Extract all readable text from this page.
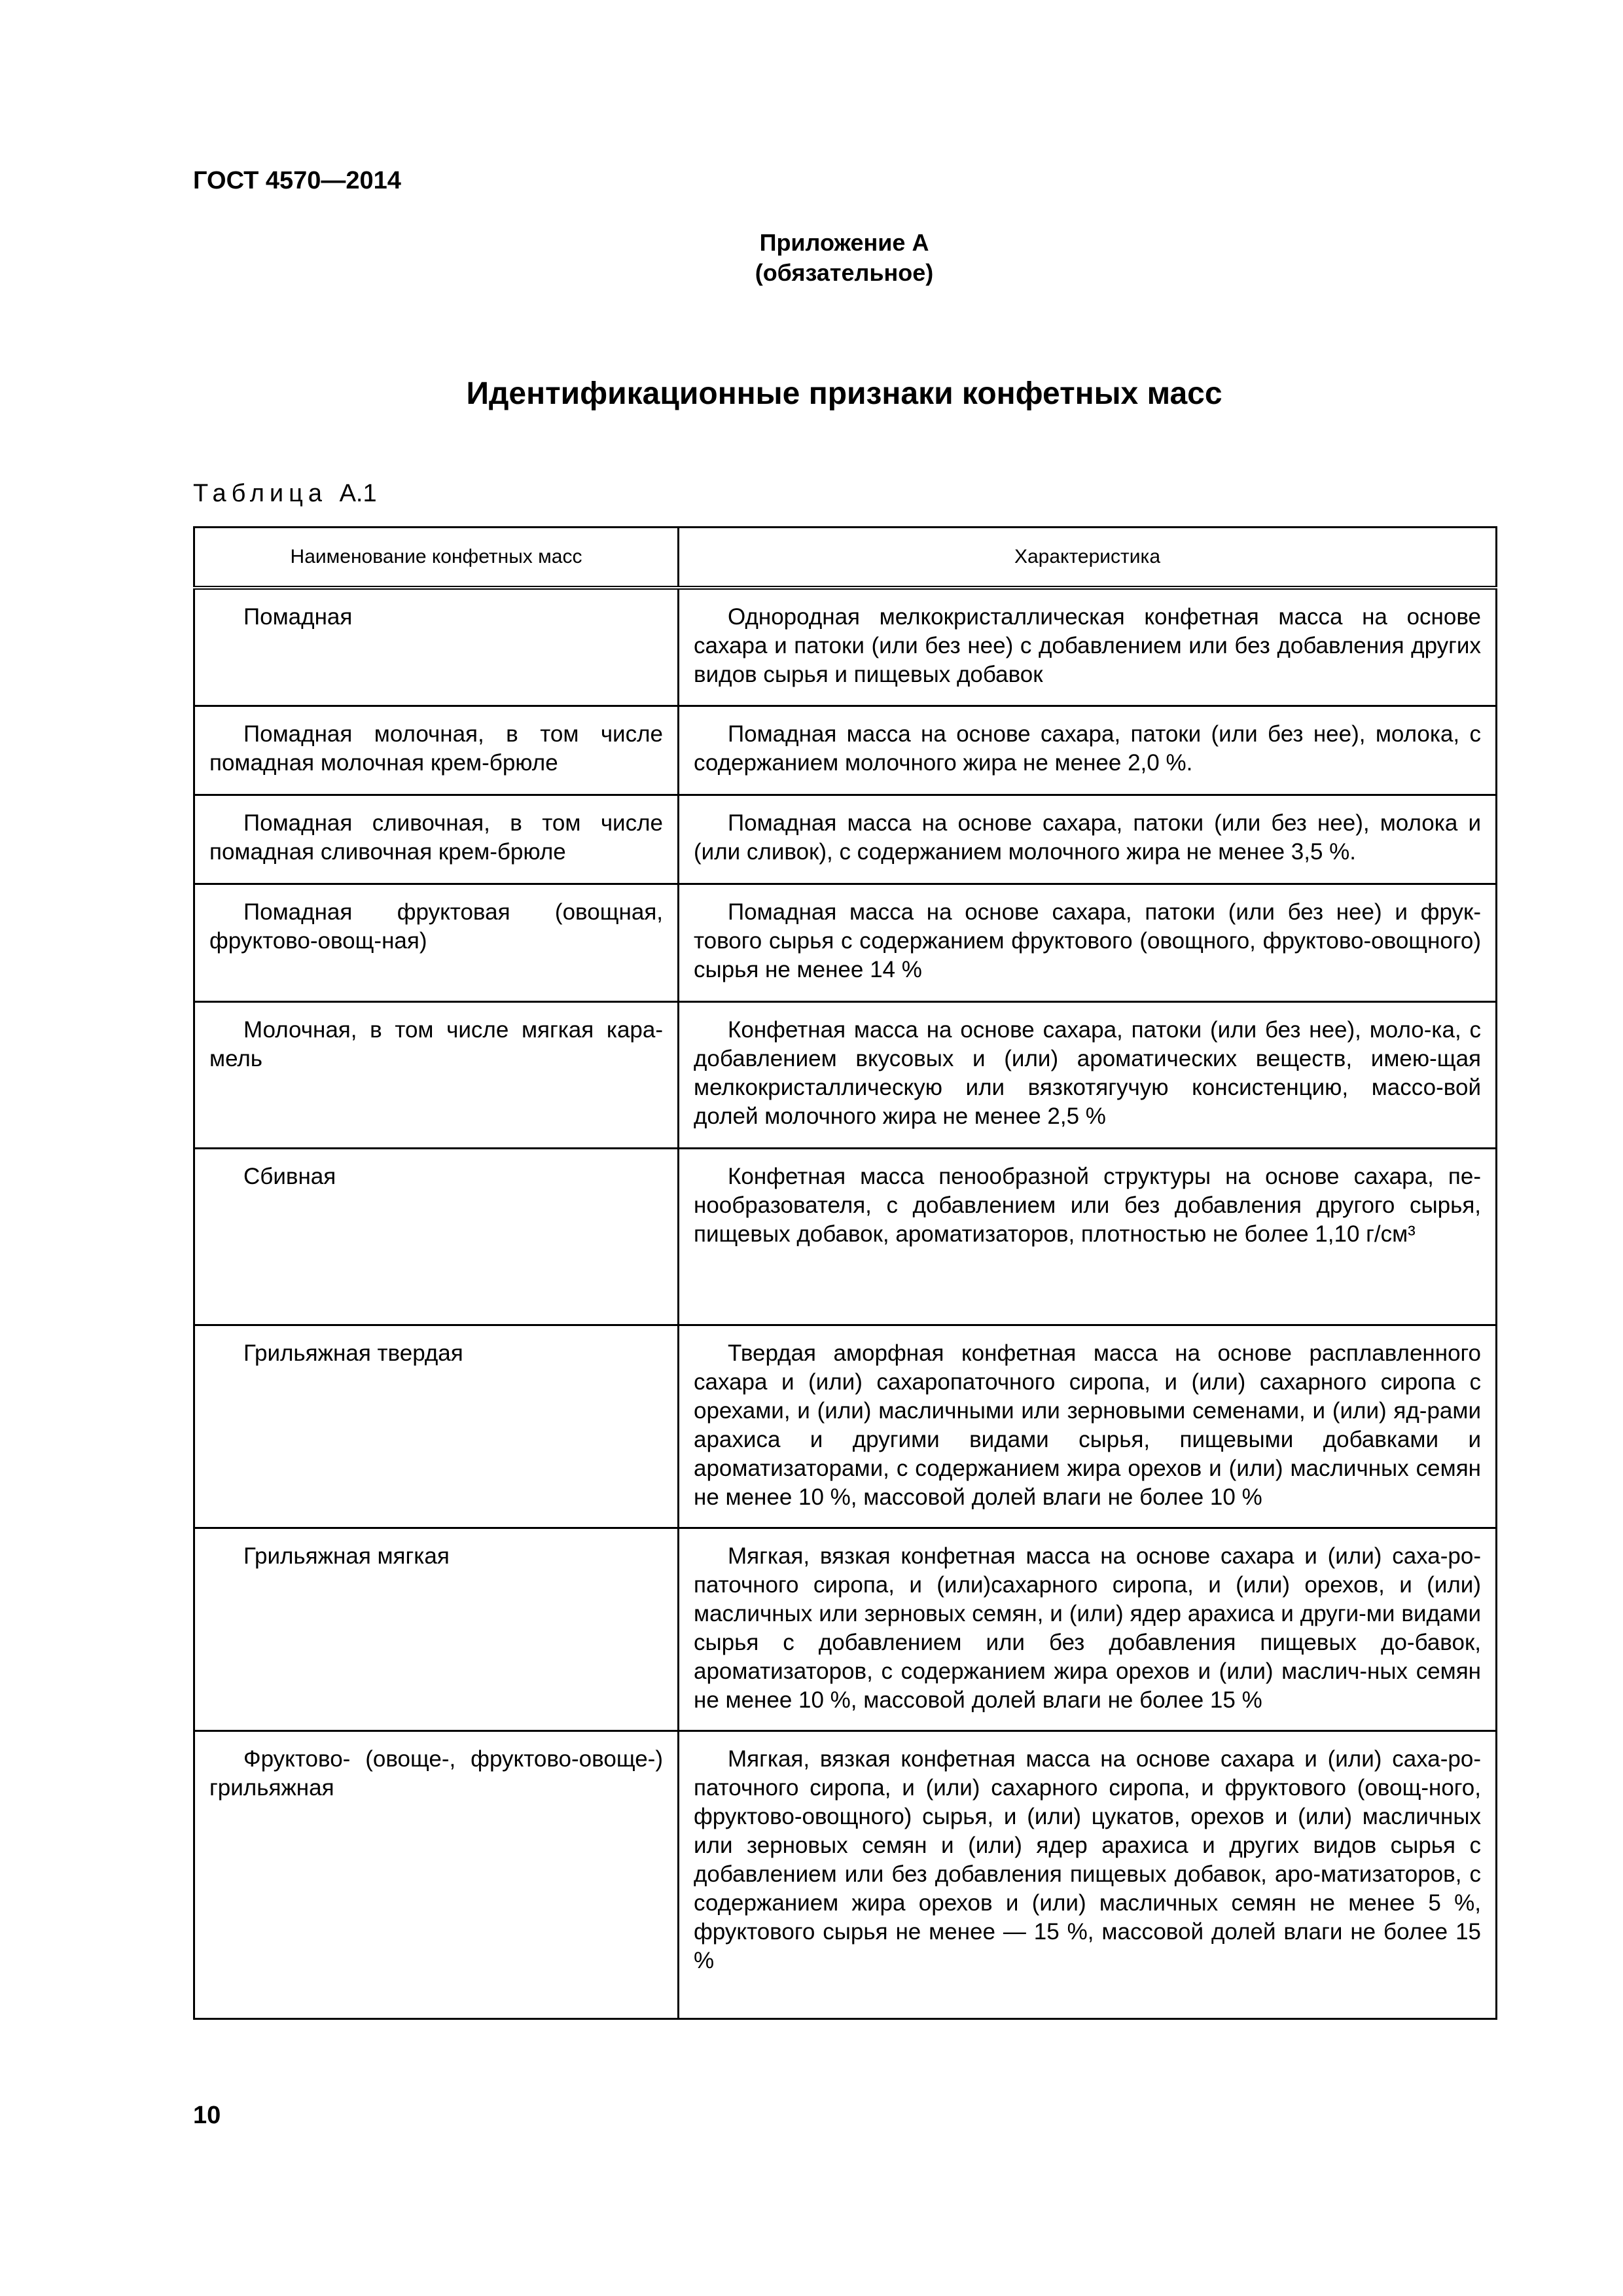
ГОСТ 4570—2014
Приложение А
(обязательное)
Идентификационные признаки конфетных масс
Таблица А.1
Наименование конфетных масс	Характеристика

Помадная	Однородная мелкокристаллическая конфетная масса на основе сахара и патоки (или без нее) с добавлением или без добавления других видов сырья и пищевых добавок

Помадная молочная, в том числе помадная молочная крем-брюле	Помадная масса на основе сахара, патоки (или без нее), молока, с содержанием молочного жира не менее 2,0 %.

Помадная сливочная, в том числе помадная сливочная крем-брюле	Помадная масса на основе сахара, патоки (или без нее), молока и (или сливок), с содержанием молочного жира не менее 3,5 %.

Помадная фруктовая (овощная, фруктово-овощ-ная)	Помадная масса на основе сахара, патоки (или без нее) и фрук-тового сырья с содержанием фруктового (овощного, фруктово-овощного) сырья не менее 14 %

Молочная, в том числе мягкая кара-мель	Конфетная масса на основе сахара, патоки (или без нее), моло-ка, с добавлением вкусовых и (или) ароматических веществ, имею-щая мелкокристаллическую или вязкотягучую консистенцию, массо-вой долей молочного жира не менее 2,5 %

Сбивная	Конфетная масса пенообразной структуры на основе сахара, пе-нообразователя, с добавлением или без добавления другого сырья, пищевых добавок, ароматизаторов, плотностью не более 1,10 г/см³

Грильяжная твердая	Твердая аморфная конфетная масса на основе расплавленного сахара и (или) сахаропаточного сиропа, и (или) сахарного сиропа с орехами, и (или) масличными или зерновыми семенами, и (или) яд-рами арахиса и другими видами сырья, пищевыми добавками и ароматизаторами, с содержанием жира орехов и (или) масличных семян не менее 10 %, массовой долей влаги не более 10 %

Грильяжная мягкая	Мягкая, вязкая конфетная масса на основе сахара и (или) саха-ро-паточного сиропа, и (или)сахарного сиропа, и (или) орехов, и (или) масличных или зерновых семян, и (или) ядер арахиса и други-ми видами сырья с добавлением или без добавления пищевых до-бавок, ароматизаторов, с содержанием жира орехов и (или) маслич-ных семян не менее 10 %, массовой долей влаги не более 15 %

Фруктово- (овоще-, фруктово-овоще-) грильяжная	Мягкая, вязкая конфетная масса на основе сахара и (или) саха-ро-паточного сиропа, и (или) сахарного сиропа, и фруктового (овощ-ного, фруктово-овощного) сырья, и (или) цукатов, орехов и (или) масличных или зерновых семян и (или) ядер арахиса и других видов сырья с добавлением или без добавления пищевых добавок, аро-матизаторов, с содержанием жира орехов и (или) масличных семян не менее 5 %, фруктового сырья не менее — 15 %, массовой долей влаги не более 15 %
10
